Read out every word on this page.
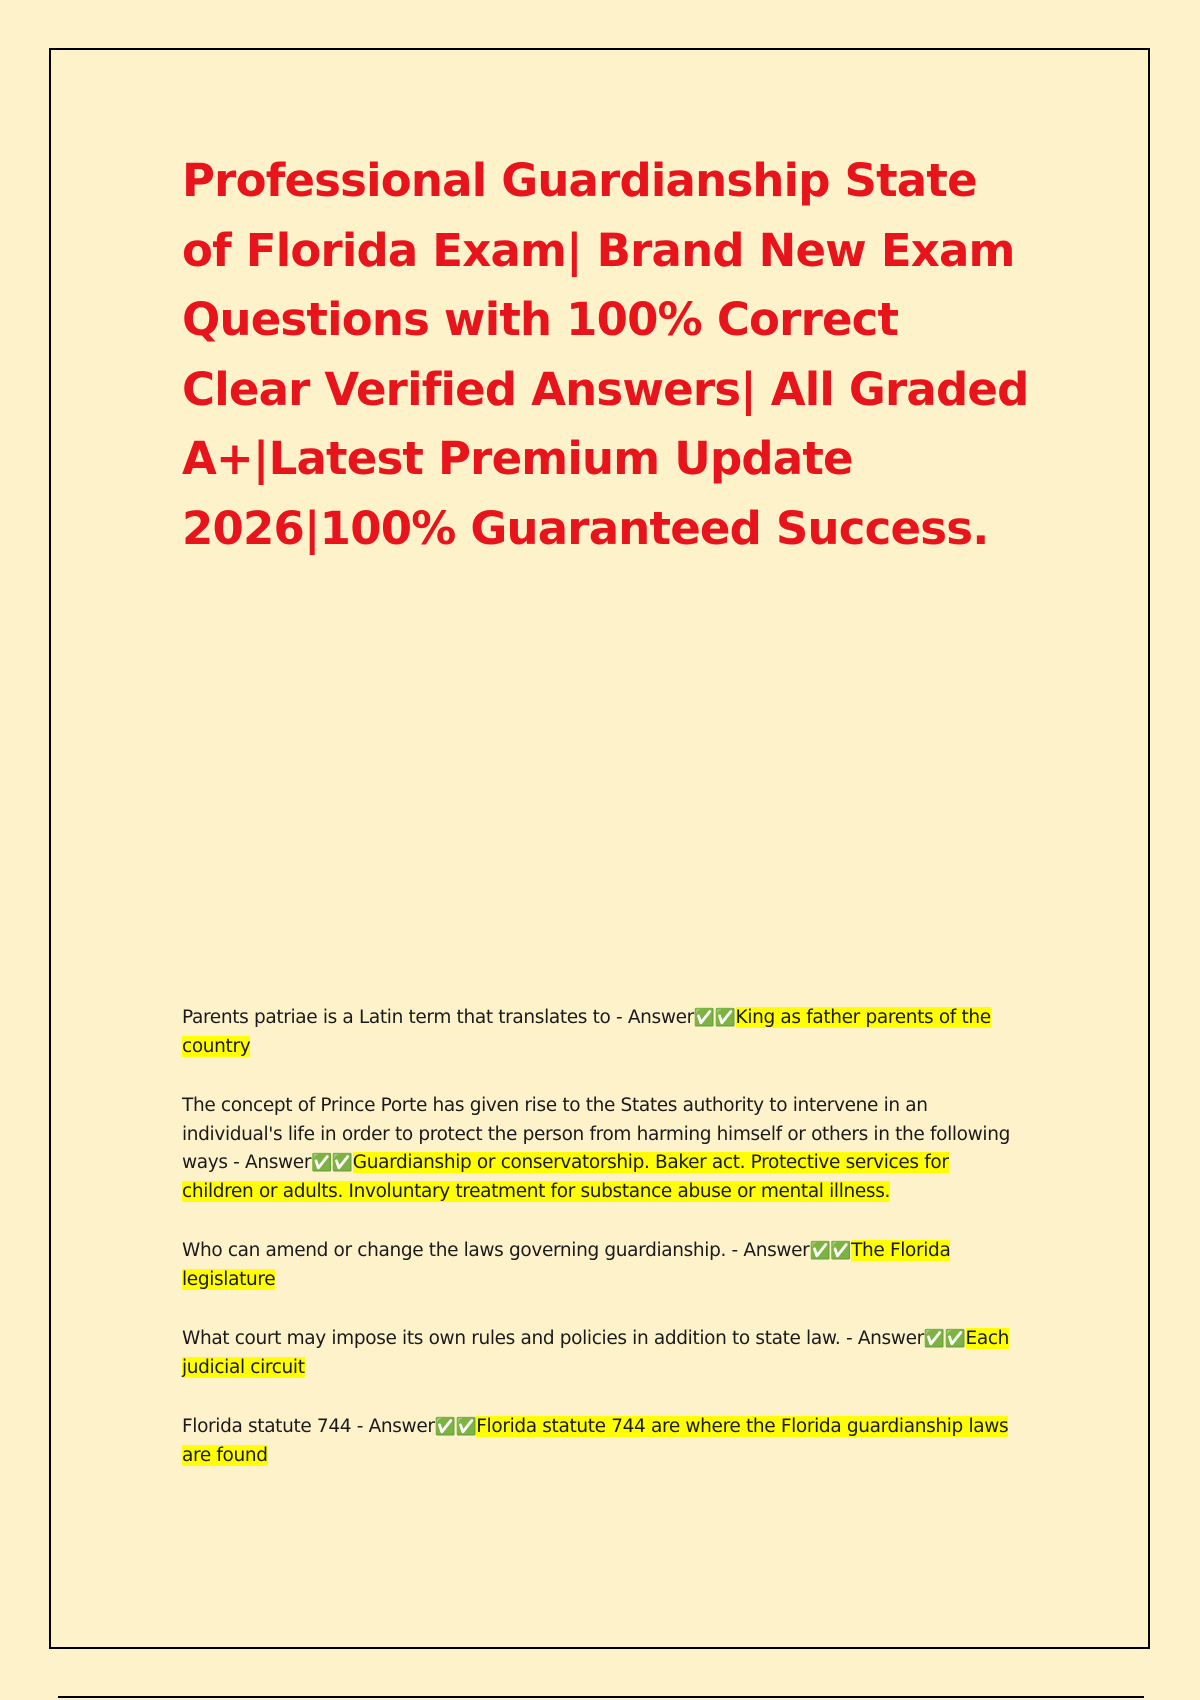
Professional Guardianship State of Florida Exam| Brand New Exam Questions with 100% Correct Clear Verified Answers| All Graded A+|Latest Premium Update 2026|100% Guaranteed Success.
Parents patriae is a Latin term that translates to - Answer✅✅King as father parents of the country
The concept of Prince Porte has given rise to the States authority to intervene in an individual's life in order to protect the person from harming himself or others in the following ways - Answer✅✅Guardianship or conservatorship. Baker act. Protective services for children or adults. Involuntary treatment for substance abuse or mental illness.
Who can amend or change the laws governing guardianship. - Answer✅✅The Florida legislature
What court may impose its own rules and policies in addition to state law. - Answer✅✅Each judicial circuit
Florida statute 744 - Answer✅✅Florida statute 744 are where the Florida guardianship laws are found
